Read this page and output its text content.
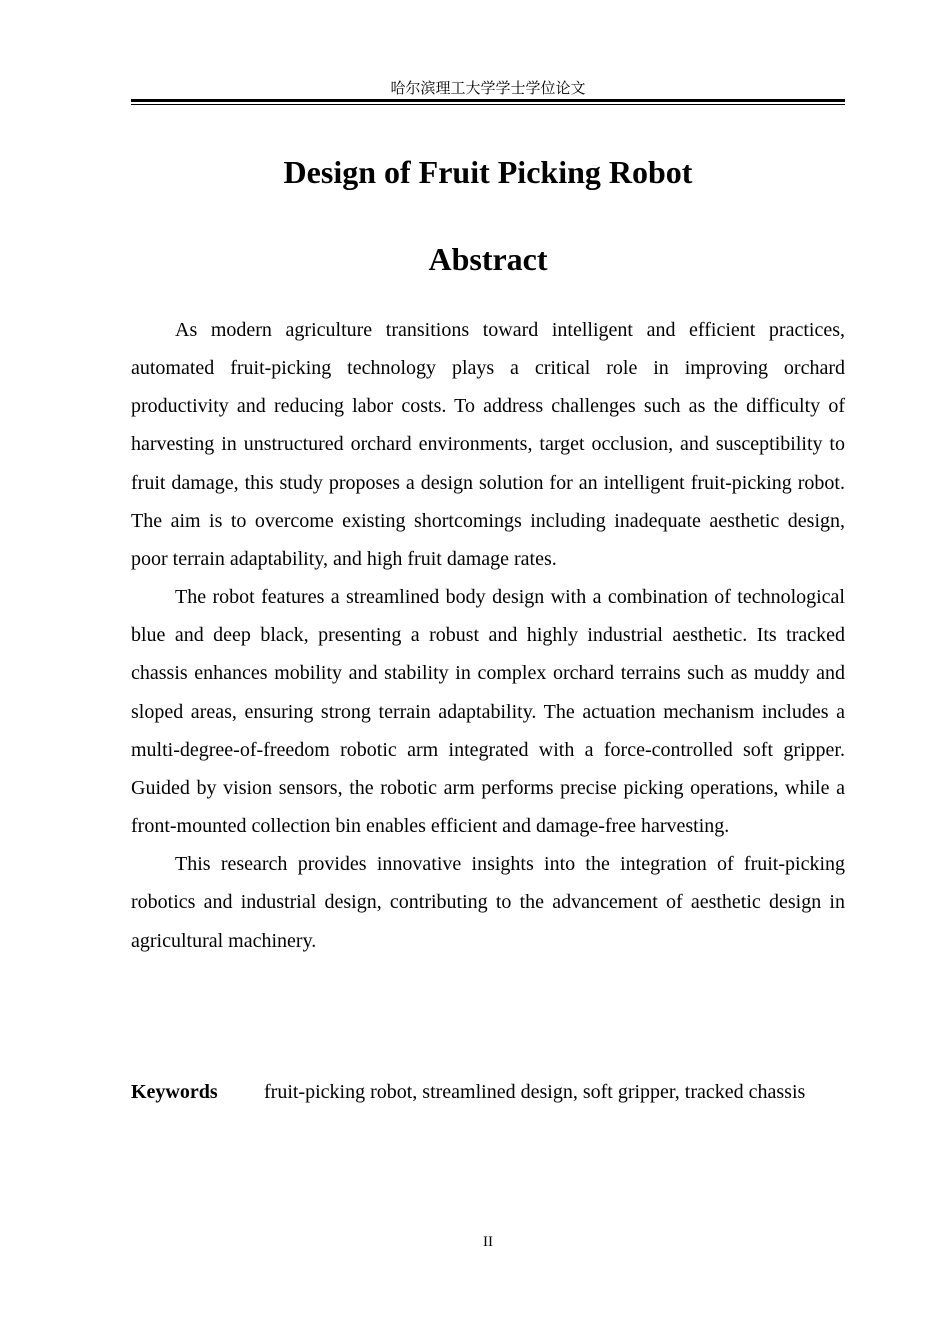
哈尔滨理工大学学士学位论文
Design of Fruit Picking Robot
Abstract

As modern agriculture transitions toward intelligent and efficient practices, automated fruit-picking technology plays a critical role in improving orchard productivity and reducing labor costs. To address challenges such as the difficulty of harvesting in unstructured orchard environments, target occlusion, and susceptibility to fruit damage, this study proposes a design solution for an intelligent fruit-picking robot. The aim is to overcome existing shortcomings including inadequate aesthetic design, poor terrain adaptability, and high fruit damage rates.

The robot features a streamlined body design with a combination of technological blue and deep black, presenting a robust and highly industrial aesthetic. Its tracked chassis enhances mobility and stability in complex orchard terrains such as muddy and sloped areas, ensuring strong terrain adaptability. The actuation mechanism includes a multi-degree-of-freedom robotic arm integrated with a force-controlled soft gripper. Guided by vision sensors, the robotic arm performs precise picking operations, while a front-mounted collection bin enables efficient and damage-free harvesting.

This research provides innovative insights into the integration of fruit-picking robotics and industrial design, contributing to the advancement of aesthetic design in agricultural machinery.

Keywords fruit-picking robot, streamlined design, soft gripper, tracked chassis
II
